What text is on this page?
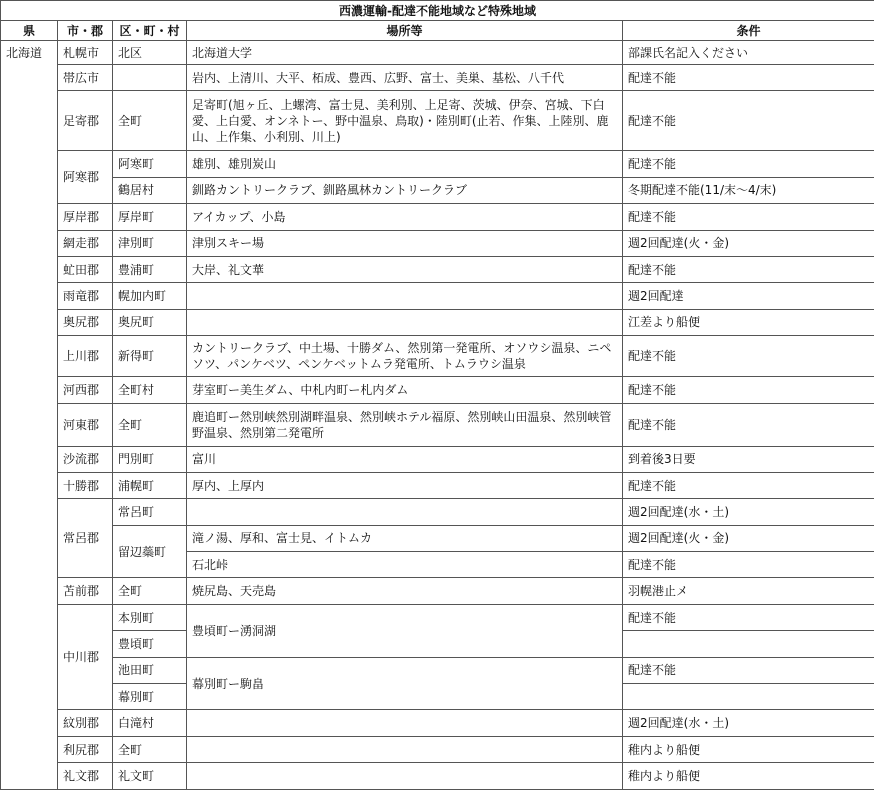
西濃運輸-配達不能地域など特殊地域				
県	市・郡	区・町・村	場所等	条件
北海道	札幌市	北区	北海道大学	部課氏名記入ください
	帯広市		岩内、上清川、大平、柘成、豊西、広野、富士、美巣、基松、八千代	配達不能
	足寄郡	全町	足寄町(旭ヶ丘、上螺湾、富士見、美利別、上足寄、茨城、伊奈、宮城、下白愛、上白愛、オンネトー、野中温泉、鳥取)・陸別町(止若、作集、上陸別、鹿山、上作集、小利別、川上)	配達不能
	阿寒郡	阿寒町	雄別、雄別炭山	配達不能
		鶴居村	釧路カントリークラブ、釧路風林カントリークラブ	冬期配達不能(11/末〜4/末)
	厚岸郡	厚岸町	アイカップ、小島	配達不能
	網走郡	津別町	津別スキー場	週2回配達(火・金)
	虻田郡	豊浦町	大岸、礼文華	配達不能
	雨竜郡	幌加内町		週2回配達
	奥尻郡	奥尻町		江差より船便
	上川郡	新得町	カントリークラブ、中土場、十勝ダム、然別第一発電所、オソウシ温泉、ニペソツ、パンケベツ、ペンケベットムラ発電所、トムラウシ温泉	配達不能
	河西郡	全町村	芽室町ー美生ダム、中札内町ー札内ダム	配達不能
	河東郡	全町	鹿追町ー然別峡然別湖畔温泉、然別峡ホテル福原、然別峡山田温泉、然別峡管野温泉、然別第二発電所	配達不能
	沙流郡	門別町	富川	到着後3日要
	十勝郡	浦幌町	厚内、上厚内	配達不能
	常呂郡	常呂町		週2回配達(水・土)
		留辺蘂町	滝ノ湯、厚和、富士見、イトムカ	週2回配達(火・金)
			石北峠	配達不能
	苫前郡	全町	焼尻島、天売島	羽幌港止メ
	中川郡	本別町	豊頃町ー湧洞湖	配達不能
		豊頃町		
		池田町	幕別町ー駒畠	配達不能
		幕別町		
	紋別郡	白滝村		週2回配達(水・土)
	利尻郡	全町		稚内より船便
	礼文郡	礼文町		稚内より船便
